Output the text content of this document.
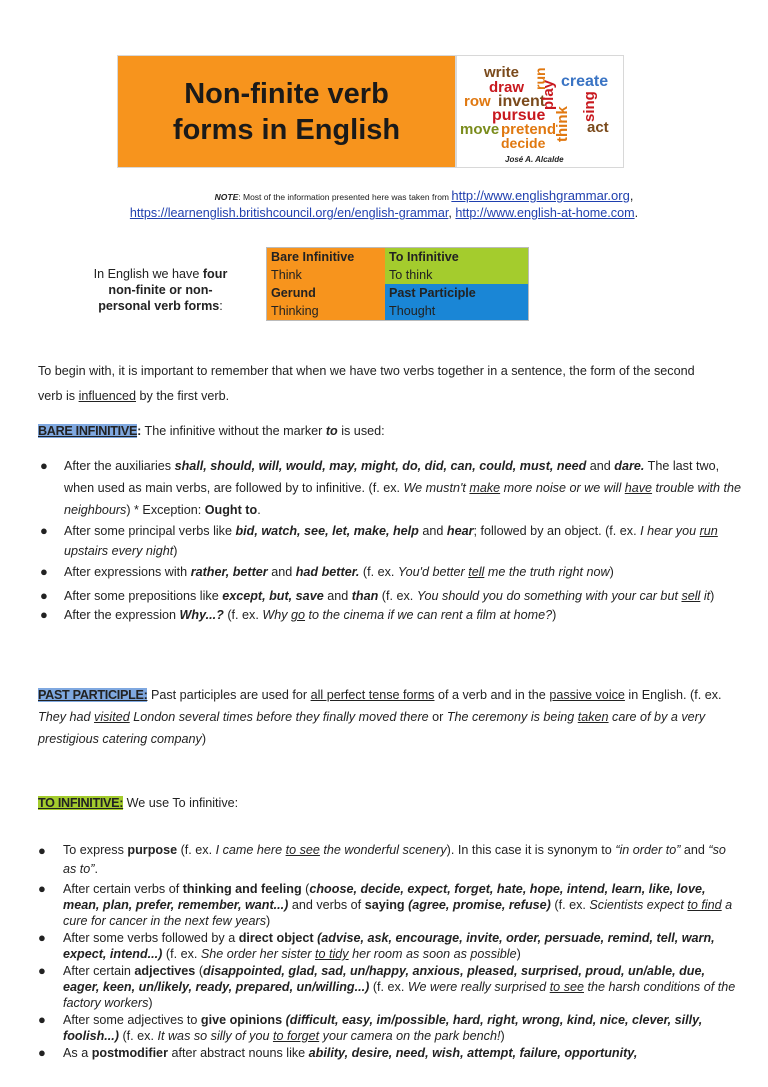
Non-finite verb
forms in English
write
draw run create
row invent
play
pursue think sing
move pretend act
decide
José A. Alcalde
NOTE: Most of the information presented here was taken from http://www.englishgrammar.org,
https://learnenglish.britishcouncil.org/en/english-grammar, http://www.english-at-home.com.
In English we have four non-finite or non-personal verb forms:
Bare Infinitive	To Infinitive
Think	To think
Gerund	Past Participle
Thinking	Thought

To begin with, it is important to remember that when we have two verbs together in a sentence, the form of the second verb is influenced by the first verb.

BARE INFINITIVE: The infinitive without the marker to is used:

● After the auxiliaries shall, should, will, would, may, might, do, did, can, could, must, need and dare. The last two, when used as main verbs, are followed by to infinitive. (f. ex. We mustn't make more noise or we will have trouble with the neighbours) * Exception: Ought to.
● After some principal verbs like bid, watch, see, let, make, help and hear; followed by an object. (f. ex. I hear you run upstairs every night)
● After expressions with rather, better and had better. (f. ex. You'd better tell me the truth right now)
● After some prepositions like except, but, save and than (f. ex. You should you do something with your car but sell it)
● After the expression Why...? (f. ex. Why go to the cinema if we can rent a film at home?)

PAST PARTICIPLE: Past participles are used for all perfect tense forms of a verb and in the passive voice in English. (f. ex. They had visited London several times before they finally moved there or The ceremony is being taken care of by a very prestigious catering company)

TO INFINITIVE: We use To infinitive:

● To express purpose (f. ex. I came here to see the wonderful scenery). In this case it is synonym to “in order to” and “so as to”.
● After certain verbs of thinking and feeling (choose, decide, expect, forget, hate, hope, intend, learn, like, love, mean, plan, prefer, remember, want...) and verbs of saying (agree, promise, refuse) (f. ex. Scientists expect to find a cure for cancer in the next few years)
● After some verbs followed by a direct object (advise, ask, encourage, invite, order, persuade, remind, tell, warn, expect, intend...) (f. ex. She order her sister to tidy her room as soon as possible)
● After certain adjectives (disappointed, glad, sad, un/happy, anxious, pleased, surprised, proud, un/able, due, eager, keen, un/likely, ready, prepared, un/willing...) (f. ex. We were really surprised to see the harsh conditions of the factory workers)
● After some adjectives to give opinions (difficult, easy, im/possible, hard, right, wrong, kind, nice, clever, silly, foolish...) (f. ex. It was so silly of you to forget your camera on the park bench!)
● As a postmodifier after abstract nouns like ability, desire, need, wish, attempt, failure, opportunity,
